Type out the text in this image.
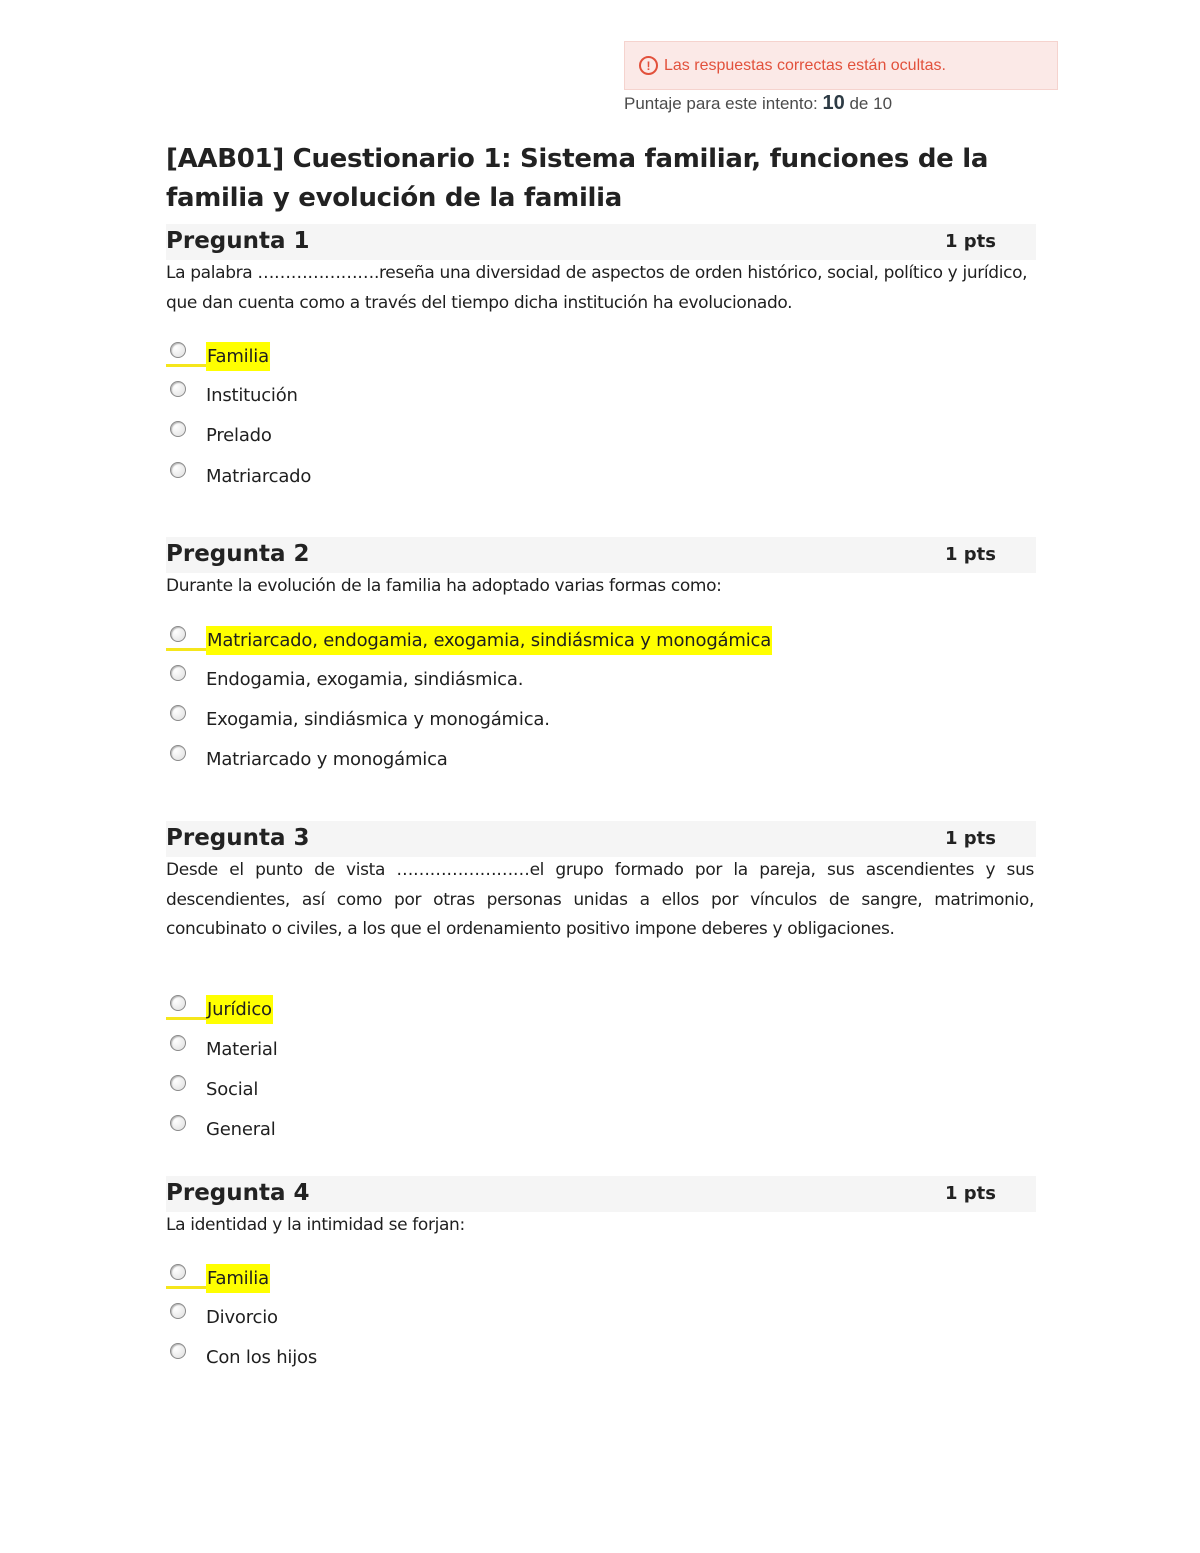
! Las respuestas correctas están ocultas.
Puntaje para este intento: 10 de 10
[AAB01] Cuestionario 1: Sistema familiar, funciones de la familia y evolución de la familia
Pregunta 1	1 pts
La palabra ………………….reseña una diversidad de aspectos de orden histórico, social, político y jurídico, que dan cuenta como a través del tiempo dicha institución ha evolucionado.
Familia
Institución
Prelado
Matriarcado
Pregunta 2	1 pts
Durante la evolución de la familia ha adoptado varias formas como:
Matriarcado, endogamia, exogamia, sindiásmica y monogámica
Endogamia, exogamia, sindiásmica.
Exogamia, sindiásmica y monogámica.
Matriarcado y monogámica
Pregunta 3	1 pts
Desde el punto de vista ……………………el grupo formado por la pareja, sus ascendientes y sus descendientes, así como por otras personas unidas a ellos por vínculos de sangre, matrimonio, concubinato o civiles, a los que el ordenamiento positivo impone deberes y obligaciones.
Jurídico
Material
Social
General
Pregunta 4	1 pts
La identidad y la intimidad se forjan:
Familia
Divorcio
Con los hijos
